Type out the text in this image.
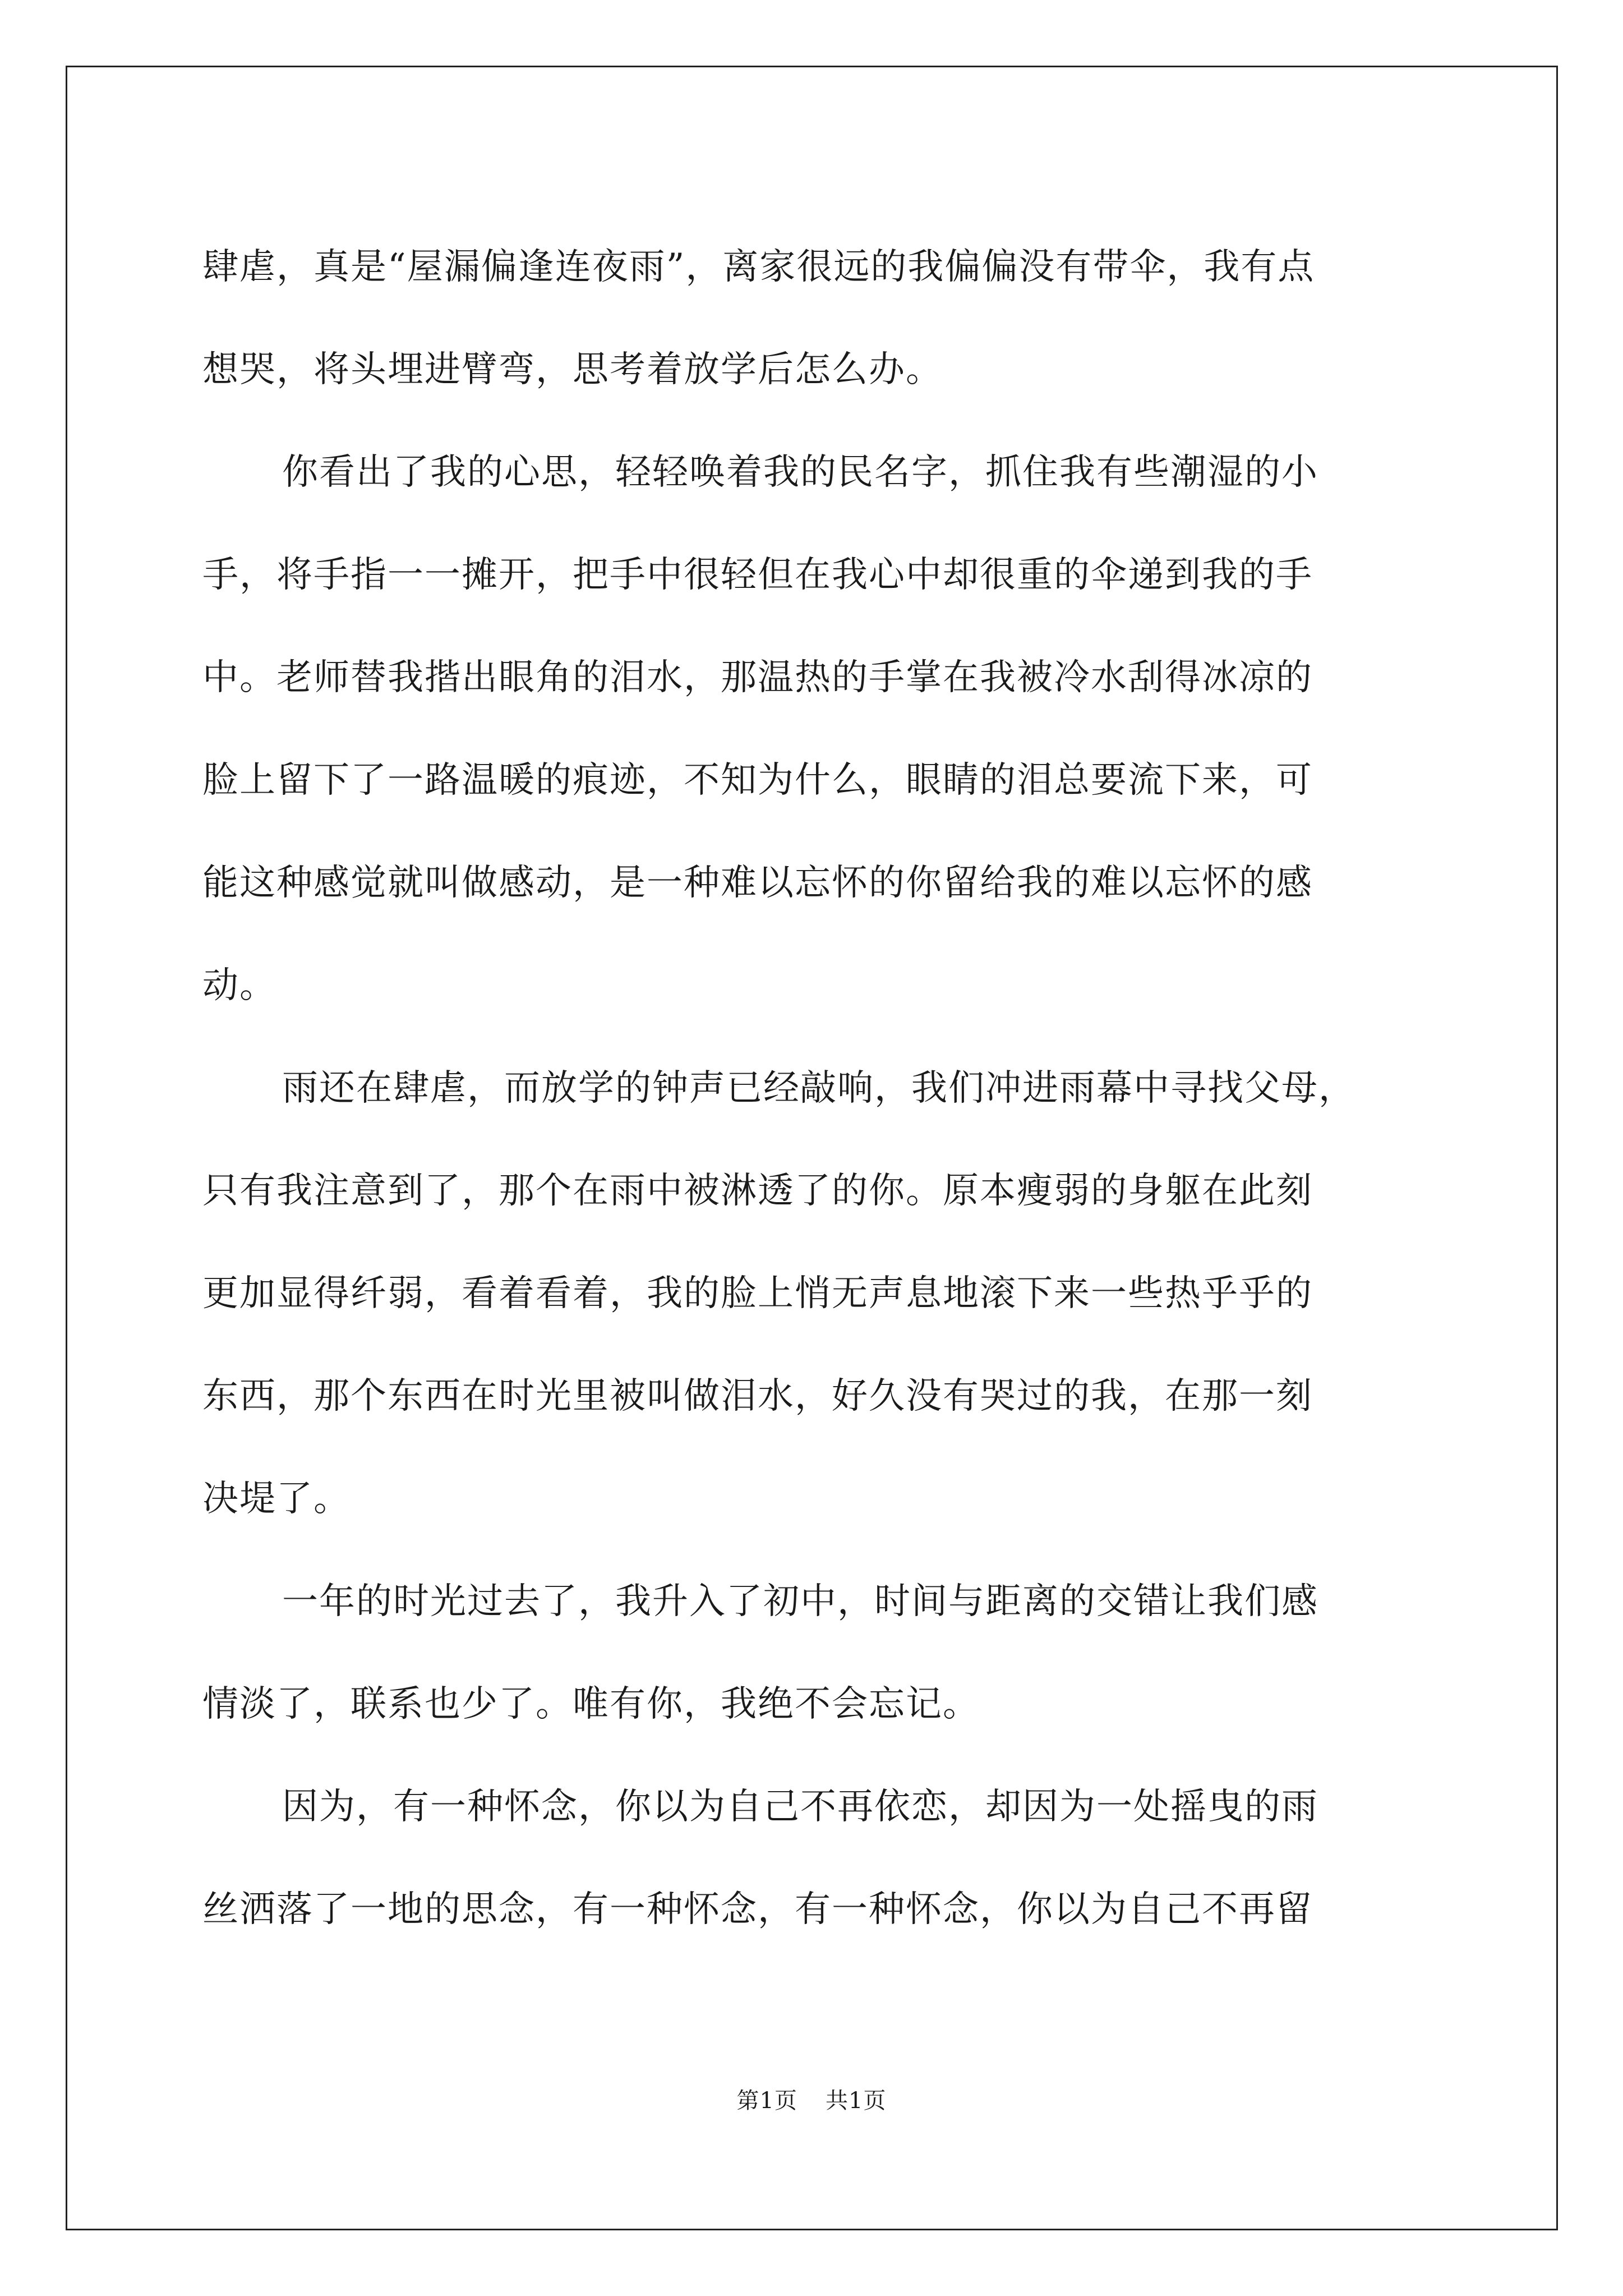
肆虐，真是“屋漏偏逢连夜雨”，离家很远的我偏偏没有带伞，我有点

想哭，将头埋进臂弯，思考着放学后怎么办。

你看出了我的心思，轻轻唤着我的民名字，抓住我有些潮湿的小

手，将手指一一摊开，把手中很轻但在我心中却很重的伞递到我的手

中。老师替我揩出眼角的泪水，那温热的手掌在我被冷水刮得冰凉的

脸上留下了一路温暖的痕迹，不知为什么，眼睛的泪总要流下来，可

能这种感觉就叫做感动，是一种难以忘怀的你留给我的难以忘怀的感

动。

雨还在肆虐，而放学的钟声已经敲响，我们冲进雨幕中寻找父母，

只有我注意到了，那个在雨中被淋透了的你。原本瘦弱的身躯在此刻

更加显得纤弱，看着看着，我的脸上悄无声息地滚下来一些热乎乎的

东西，那个东西在时光里被叫做泪水，好久没有哭过的我，在那一刻

决堤了。

一年的时光过去了，我升入了初中，时间与距离的交错让我们感

情淡了，联系也少了。唯有你，我绝不会忘记。

因为，有一种怀念，你以为自己不再依恋，却因为一处摇曳的雨

丝洒落了一地的思念，有一种怀念，有一种怀念，你以为自己不再留

第1页 共1页
